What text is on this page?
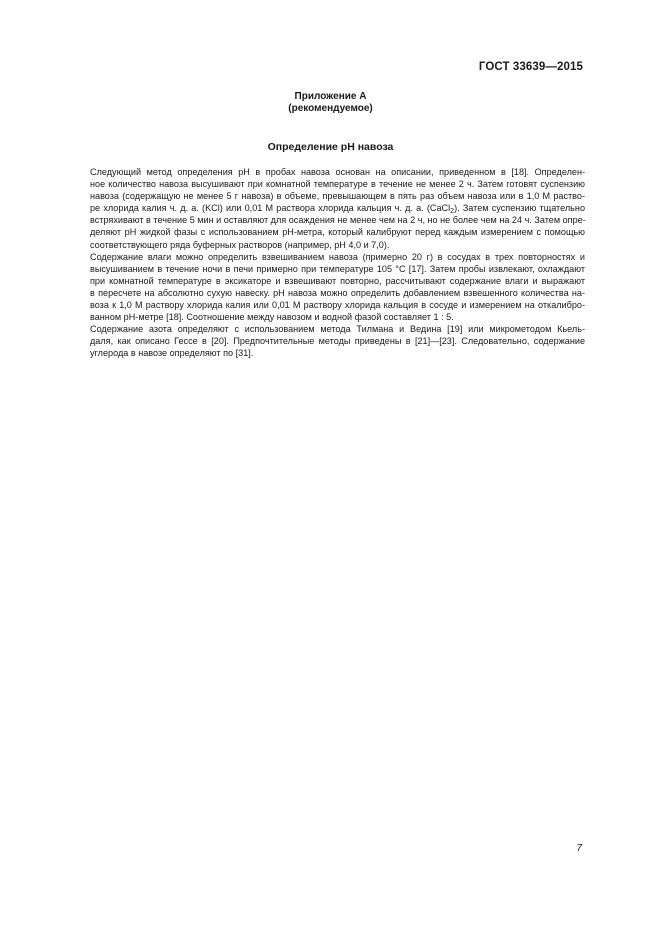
ГОСТ 33639—2015
Приложение А
(рекомендуемое)
Определение pH навоза

Следующий метод определения pH в пробах навоза основан на описании, приведенном в [18]. Определен-
ное количество навоза высушивают при комнатной температуре в течение не менее 2 ч. Затем готовят суспензию
навоза (содержащую не менее 5 г навоза) в объеме, превышающем в пять раз объем навоза или в 1,0 М раство-
ре хлорида калия ч. д. а. (KCl) или 0,01 М раствора хлорида кальция ч. д. а. (CaCl$_2$). Затем суспензию тщательно
встряхивают в течение 5 мин и оставляют для осаждения не менее чем на 2 ч, но не более чем на 24 ч. Затем опре-
деляют pH жидкой фазы с использованием pH-метра, который калибруют перед каждым измерением с помощью
соответствующего ряда буферных растворов (например, pH 4,0 и 7,0).

Содержание влаги можно определить взвешиванием навоза (примерно 20 г) в сосудах в трех повторностях и
высушиванием в течение ночи в печи примерно при температуре 105 °C [17]. Затем пробы извлекают, охлаждают
при комнатной температуре в эксикаторе и взвешивают повторно, рассчитывают содержание влаги и выражают
в пересчете на абсолютно сухую навеску. pH навоза можно определить добавлением взвешенного количества на-
воза к 1,0 М раствору хлорида калия или 0,01 М раствору хлорида кальция в сосуде и измерением на откалибро-
ванном pH-метре [18]. Соотношение между навозом и водной фазой составляет 1 : 5.

Содержание азота определяют с использованием метода Тилмана и Ведина [19] или микрометодом Кьель-
даля, как описано Гессе в [20]. Предпочтительные методы приведены в [21]—[23]. Следовательно, содержание
углерода в навозе определяют по [31].

7
